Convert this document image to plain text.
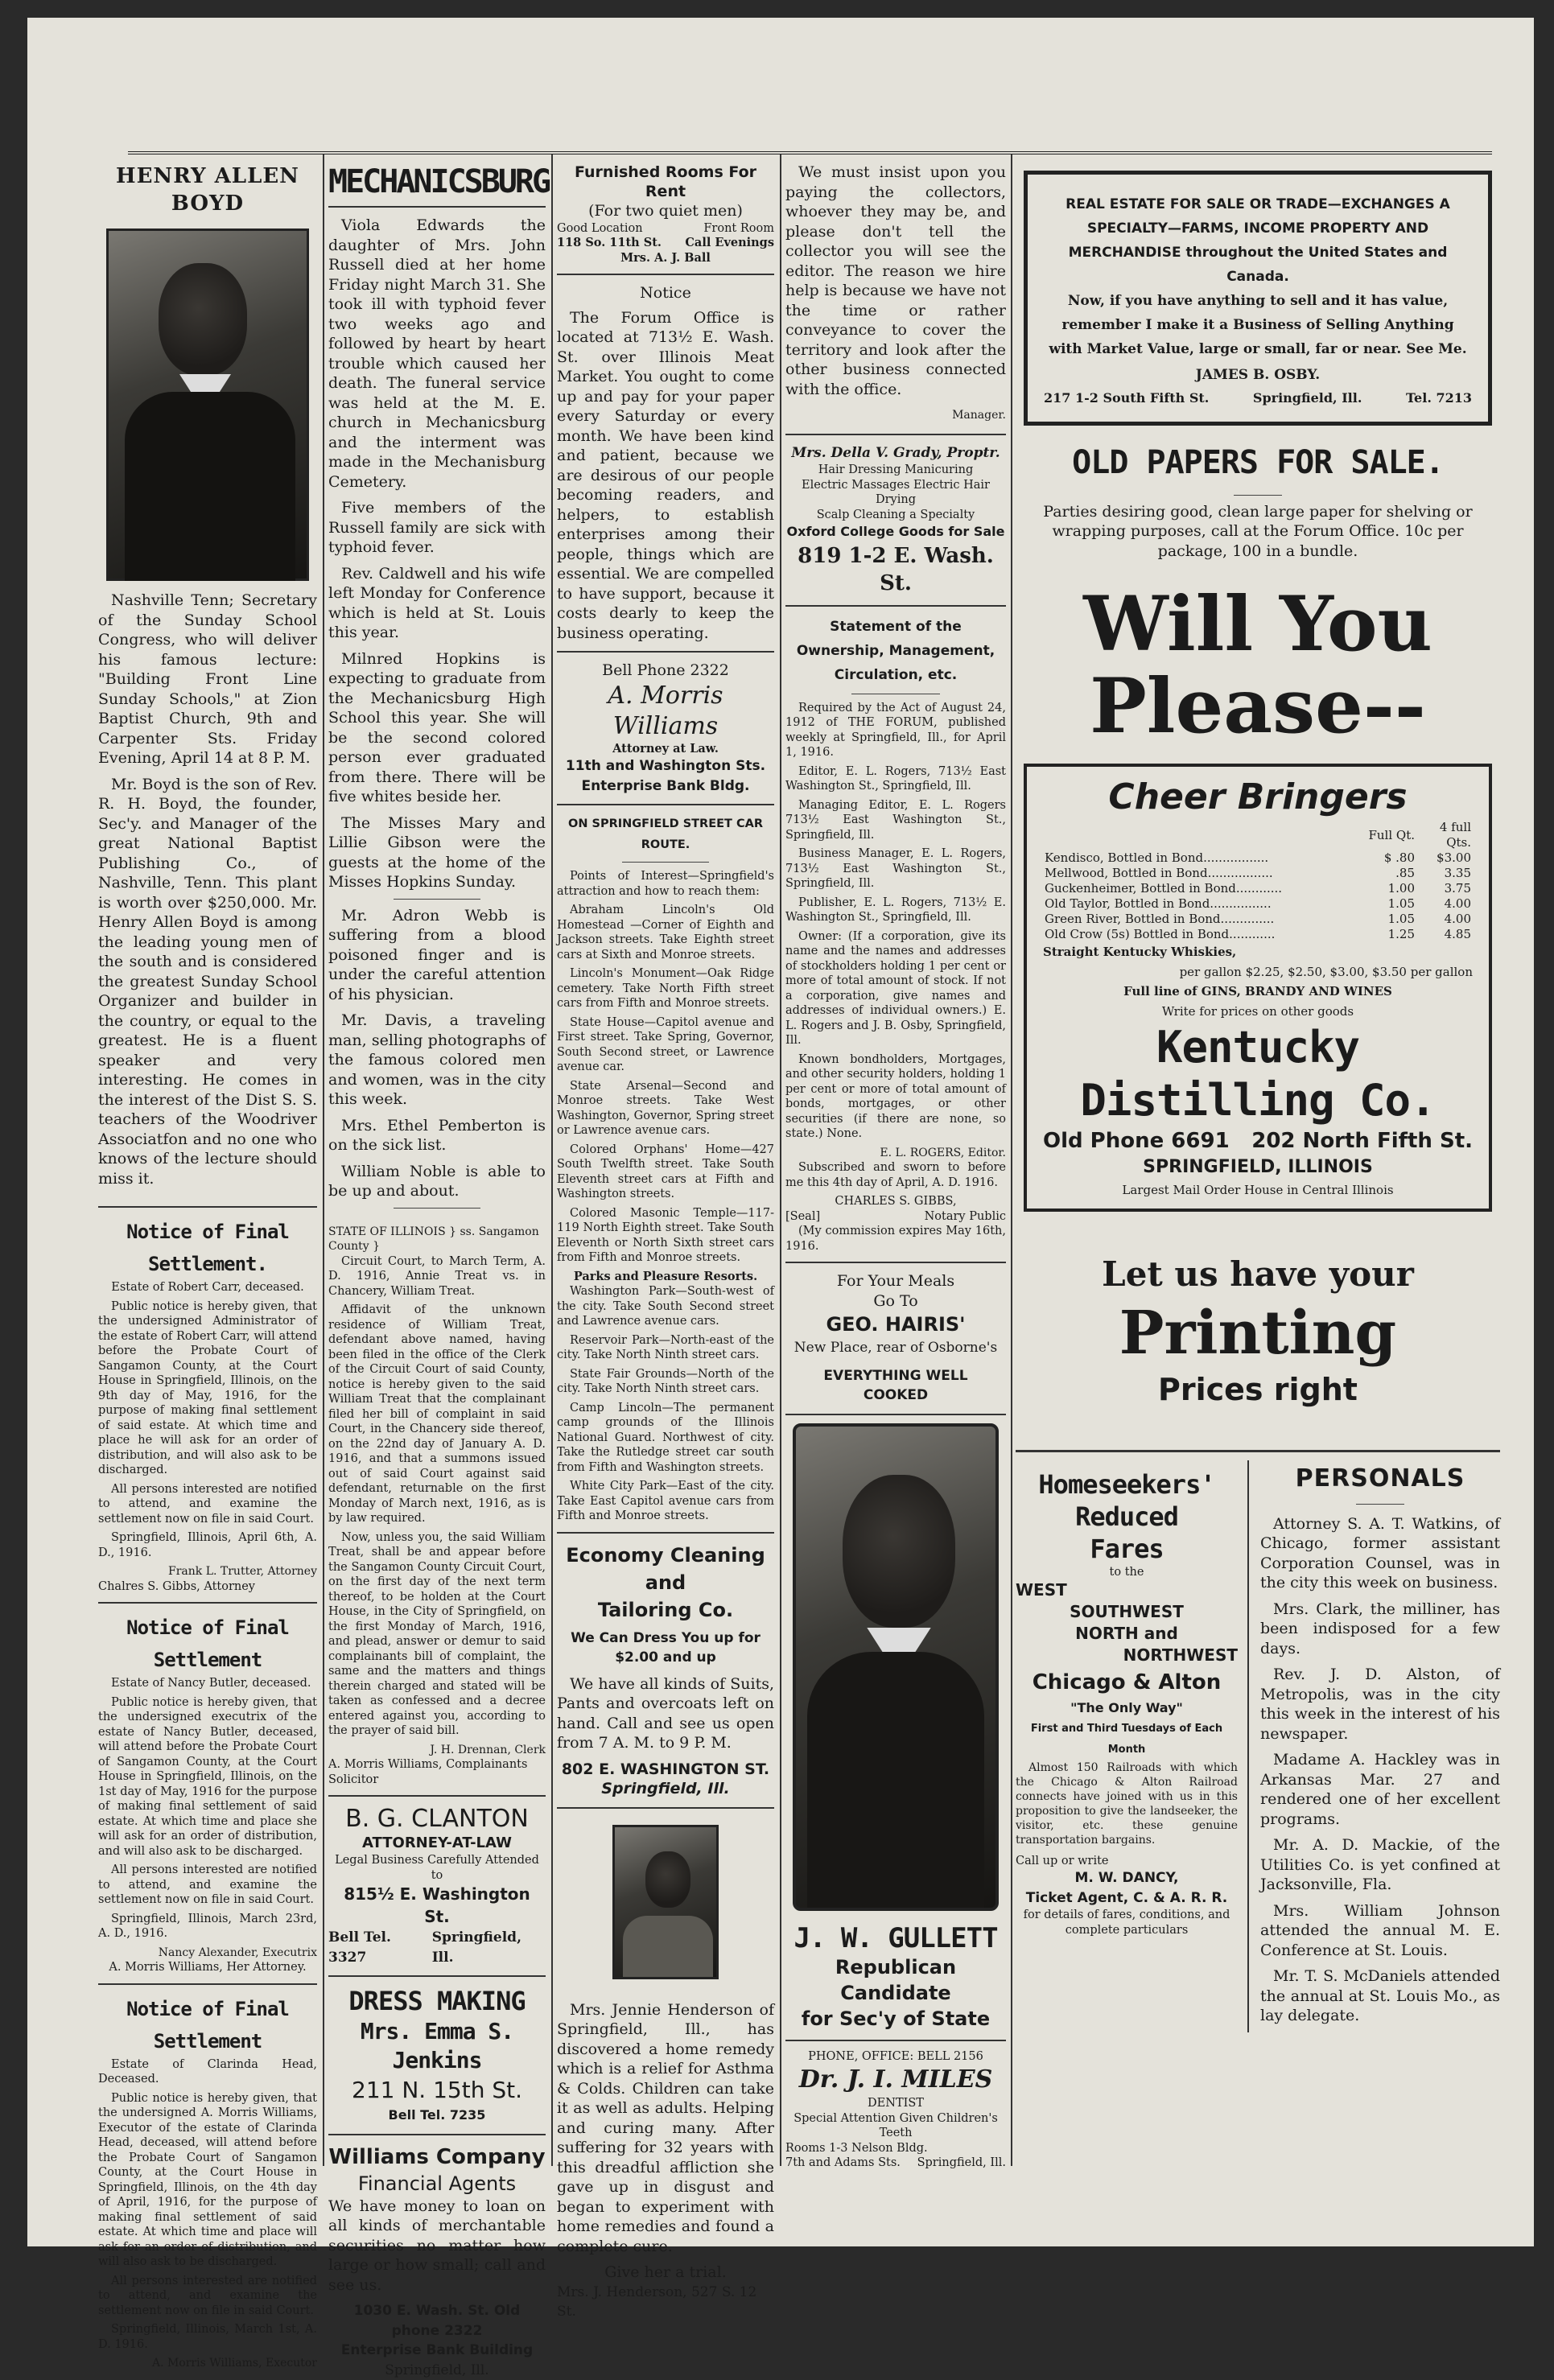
HENRY ALLEN BOYD

Nashville Tenn; Secretary of the Sunday School Congress, who will deliver his famous lecture: "Building Front Line Sunday Schools," at Zion Baptist Church, 9th and Carpenter Sts. Friday Evening, April 14 at 8 P. M.

Mr. Boyd is the son of Rev. R. H. Boyd, the founder, Sec'y. and Manager of the great National Baptist Publishing Co., of Nashville, Tenn. This plant is worth over $250,000. Mr. Henry Allen Boyd is among the leading young men of the south and is considered the greatest Sunday School Organizer and builder in the country, or equal to the greatest. He is a fluent speaker and very interesting. He comes in the interest of the Dist S. S. teachers of the Woodriver Associatfon and no one who knows of the lecture should miss it.

Notice of Final Settlement.

Estate of Robert Carr, deceased.

Public notice is hereby given, that the undersigned Administrator of the estate of Robert Carr, will attend before the Probate Court of Sangamon County, at the Court House in Springfield, Illinois, on the 9th day of May, 1916, for the purpose of making final settlement of said estate. At which time and place he will ask for an order of distribution, and will also ask to be discharged.

All persons interested are notified to attend, and examine the settlement now on file in said Court.

Springfield, Illinois, April 6th, A. D., 1916.

Frank L. Trutter, Attorney
Chalres S. Gibbs, Attorney
Notice of Final Settlement

Estate of Nancy Butler, deceased.

Public notice is hereby given, that the undersigned executrix of the estate of Nancy Butler, deceased, will attend before the Probate Court of Sangamon County, at the Court House in Springfield, Illinois, on the 1st day of May, 1916 for the purpose of making final settlement of said estate. At which time and place she will ask for an order of distribution, and will also ask to be discharged.

All persons interested are notified to attend, and examine the settlement now on file in said Court.

Springfield, Illinois, March 23rd, A. D., 1916.

Nancy Alexander, Executrix
A. Morris Williams, Her Attorney.
Notice of Final Settlement

Estate of Clarinda Head, Deceased.

Public notice is hereby given, that the undersigned A. Morris Williams, Executor of the estate of Clarinda Head, deceased, will attend before the Probate Court of Sangamon County, at the Court House in Springfield, Illinois, on the 4th day of April, 1916, for the purpose of making final settlement of said estate. At which time and place will ask for an order of distribution, and will also ask to be discharged.

All persons interested are notified to attend, and examine the settlement now on file in said Court.

Springfield, Illinois, March 1st, A. D. 1916.

A. Morris Williams, Executor
MECHANICSBURG

Viola Edwards the daughter of Mrs. John Russell died at her home Friday night March 31. She took ill with typhoid fever two weeks ago and followed by heart by heart trouble which caused her death. The funeral service was held at the M. E. church in Mechanicsburg and the interment was made in the Mechanisburg Cemetery.

Five members of the Russell family are sick with typhoid fever.

Rev. Caldwell and his wife left Monday for Conference which is held at St. Louis this year.

Milnred Hopkins is expecting to graduate from the Mechanicsburg High School this year. She will be the second colored person ever graduated from there. There will be five whites beside her.

The Misses Mary and Lillie Gibson were the guests at the home of the Misses Hopkins Sunday.

Mr. Adron Webb is suffering from a blood poisoned finger and is under the careful attention of his physician.

Mr. Davis, a traveling man, selling photographs of the famous colored men and women, was in the city this week.

Mrs. Ethel Pemberton is on the sick list.

William Noble is able to be up and about.

STATE OF ILLINOIS } ss. Sangamon County }

Circuit Court, to March Term, A. D. 1916, Annie Treat vs. in Chancery, William Treat.

Affidavit of the unknown residence of William Treat, defendant above named, having been filed in the office of the Clerk of the Circuit Court of said County, notice is hereby given to the said William Treat that the complainant filed her bill of complaint in said Court, in the Chancery side thereof, on the 22nd day of January A. D. 1916, and that a summons issued out of said Court against said defendant, returnable on the first Monday of March next, 1916, as is by law required.

Now, unless you, the said William Treat, shall be and appear before the Sangamon County Circuit Court, on the first day of the next term thereof, to be holden at the Court House, in the City of Springfield, on the first Monday of March, 1916, and plead, answer or demur to said complainants bill of complaint, the same and the matters and things therein charged and stated will be taken as confessed and a decree entered against you, according to the prayer of said bill.

J. H. Drennan, Clerk
A. Morris Williams, Complainants Solicitor
B. G. CLANTON
ATTORNEY-AT-LAW
Legal Business Carefully Attended to
815½ E. Washington St.
Bell Tel. 3327
Springfield, Ill.
DRESS MAKING
Mrs. Emma S. Jenkins
211 N. 15th St.
Bell Tel. 7235
Williams Company
Financial Agents

We have money to loan on all kinds of merchantable securities no matter how large or how small; call and see us.

1030 E. Wash. St. Old phone 2322
Enterprise Bank Building
Springfield, Ill.
Furnished Rooms For Rent
(For two quiet men)
Good Location	Front Room
118 So. 11th St. Call Evenings
Mrs. A. J. Ball
Notice

The Forum Office is located at 713½ E. Wash. St. over Illinois Meat Market. You ought to come up and pay for your paper every Saturday or every month. We have been kind and patient, because we are desirous of our people becoming readers, and helpers, to establish enterprises among their people, things which are essential. We are compelled to have support, because it costs dearly to keep the business operating.

Bell Phone 2322
A. Morris Williams
Attorney at Law.
11th and Washington Sts.
Enterprise Bank Bldg.
ON SPRINGFIELD STREET CAR ROUTE.

Points of Interest—Springfield's attraction and how to reach them:

Abraham Lincoln's Old Homestead —Corner of Eighth and Jackson streets. Take Eighth street cars at Sixth and Monroe streets.

Lincoln's Monument—Oak Ridge cemetery. Take North Fifth street cars from Fifth and Monroe streets.

State House—Capitol avenue and First street. Take Spring, Governor, South Second street, or Lawrence avenue car.

State Arsenal—Second and Monroe streets. Take West Washington, Governor, Spring street or Lawrence avenue cars.

Colored Orphans' Home—427 South Twelfth street. Take South Eleventh street cars at Fifth and Washington streets.

Colored Masonic Temple—117-119 North Eighth street. Take South Eleventh or North Sixth street cars from Fifth and Monroe streets.

Parks and Pleasure Resorts.

Washington Park—South-west of the city. Take South Second street and Lawrence avenue cars.

Reservoir Park—North-east of the city. Take North Ninth street cars.

State Fair Grounds—North of the city. Take North Ninth street cars.

Camp Lincoln—The permanent camp grounds of the Illinois National Guard. Northwest of city. Take the Rutledge street car south from Fifth and Washington streets.

White City Park—East of the city. Take East Capitol avenue cars from Fifth and Monroe streets.

Economy Cleaning and
Tailoring Co.
We Can Dress You up for
$2.00 and up

We have all kinds of Suits, Pants and overcoats left on hand. Call and see us open from 7 A. M. to 9 P. M.

802 E. WASHINGTON ST.
Springfield, Ill.

Mrs. Jennie Henderson of Springfield, Ill., has discovered a home remedy which is a relief for Asthma & Colds. Children can take it as well as adults. Helping and curing many. After suffering for 32 years with this dreadful affliction she gave up in disgust and began to experiment with home remedies and found a complete cure.

Give her a trial.
Mrs. J. Henderson, 527 S. 12 St.

We must insist upon you paying the collectors, whoever they may be, and please don't tell the collector you will see the editor. The reason we hire help is because we have not the time or rather conveyance to cover the territory and look after the other business connected with the office.

Manager.
Mrs. Della V. Grady, Proptr.
Hair Dressing Manicuring
Electric Massages Electric Hair Drying
Scalp Cleaning a Specialty
Oxford College Goods for Sale
819 1-2 E. Wash. St.
Statement of the Ownership, Management, Circulation, etc.

Required by the Act of August 24, 1912 of THE FORUM, published weekly at Springfield, Ill., for April 1, 1916.

Editor, E. L. Rogers, 713½ East Washington St., Springfield, Ill.

Managing Editor, E. L. Rogers 713½ East Washington St., Springfield, Ill.

Business Manager, E. L. Rogers, 713½ East Washington St., Springfield, Ill.

Publisher, E. L. Rogers, 713½ E. Washington St., Springfield, Ill.

Owner: (If a corporation, give its name and the names and addresses of stockholders holding 1 per cent or more of total amount of stock. If not a corporation, give names and addresses of individual owners.) E. L. Rogers and J. B. Osby, Springfield, Ill.

Known bondholders, Mortgages, and other security holders, holding 1 per cent or more of total amount of bonds, mortgages, or other securities (if there are none, so state.) None.

E. L. ROGERS, Editor.

Subscribed and sworn to before me this 4th day of April, A. D. 1916.

CHARLES S. GIBBS,
[Seal]	Notary Public

(My commission expires May 16th, 1916.

For Your Meals
Go To
GEO. HAIRIS'
New Place, rear of Osborne's
EVERYTHING WELL
COOKED
J. W. GULLETT
Republican Candidate
for Sec'y of State
PHONE, OFFICE: BELL 2156
Dr. J. I. MILES
DENTIST
Special Attention Given Children's Teeth
Rooms 1-3 Nelson Bldg.
7th and Adams Sts. Springfield, Ill.
REAL ESTATE FOR SALE OR TRADE—EXCHANGES A SPECIALTY—FARMS, INCOME PROPERTY AND MERCHANDISE throughout the United States and Canada.
Now, if you have anything to sell and it has value, remember I make it a Business of Selling Anything with Market Value, large or small, far or near. See Me.
JAMES B. OSBY.
217 1-2 South Fifth St.	Springfield, Ill.	Tel. 7213
OLD PAPERS FOR SALE.

Parties desiring good, clean large paper for shelving or wrapping purposes, call at the Forum Office. 10c per package, 100 in a bundle.

Will You
Please--
Cheer Bringers
	Full Qt.	4 full Qts.
Kendisco, Bottled in Bond.................	$ .80	$3.00
Mellwood, Bottled in Bond.................	.85	3.35
Guckenheimer, Bottled in Bond............	1.00	3.75
Old Taylor, Bottled in Bond................	1.05	4.00
Green River, Bottled in Bond..............	1.05	4.00
Old Crow (5s) Bottled in Bond............	1.25	4.85
Straight Kentucky Whiskies,
per gallon $2.25, $2.50, $3.00, $3.50 per gallon
Full line of GINS, BRANDY AND WINES
Write for prices on other goods
Kentucky Distilling Co.
Old Phone 6691 202 North Fifth St.
SPRINGFIELD, ILLINOIS
Largest Mail Order House in Central Illinois
Let us have your
Printing
Prices right
Homeseekers'
Reduced
Fares
to the
WEST
SOUTHWEST
NORTH and
NORTHWEST
Chicago & Alton
"The Only Way"
First and Third Tuesdays of Each Month

Almost 150 Railroads with which the Chicago & Alton Railroad connects have joined with us in this proposition to give the landseeker, the visitor, etc. these genuine transportation bargains.

Call up or write
M. W. DANCY,
Ticket Agent, C. & A. R. R.
for details of fares, conditions, and complete particulars
PERSONALS

Attorney S. A. T. Watkins, of Chicago, former assistant Corporation Counsel, was in the city this week on business.

Mrs. Clark, the milliner, has been indisposed for a few days.

Rev. J. D. Alston, of Metropolis, was in the city this week in the interest of his newspaper.

Madame A. Hackley was in Arkansas Mar. 27 and rendered one of her excellent programs.

Mr. A. D. Mackie, of the Utilities Co. is yet confined at Jacksonville, Fla.

Mrs. William Johnson attended the annual M. E. Conference at St. Louis.

Mr. T. S. McDaniels attended the annual at St. Louis Mo., as lay delegate.
